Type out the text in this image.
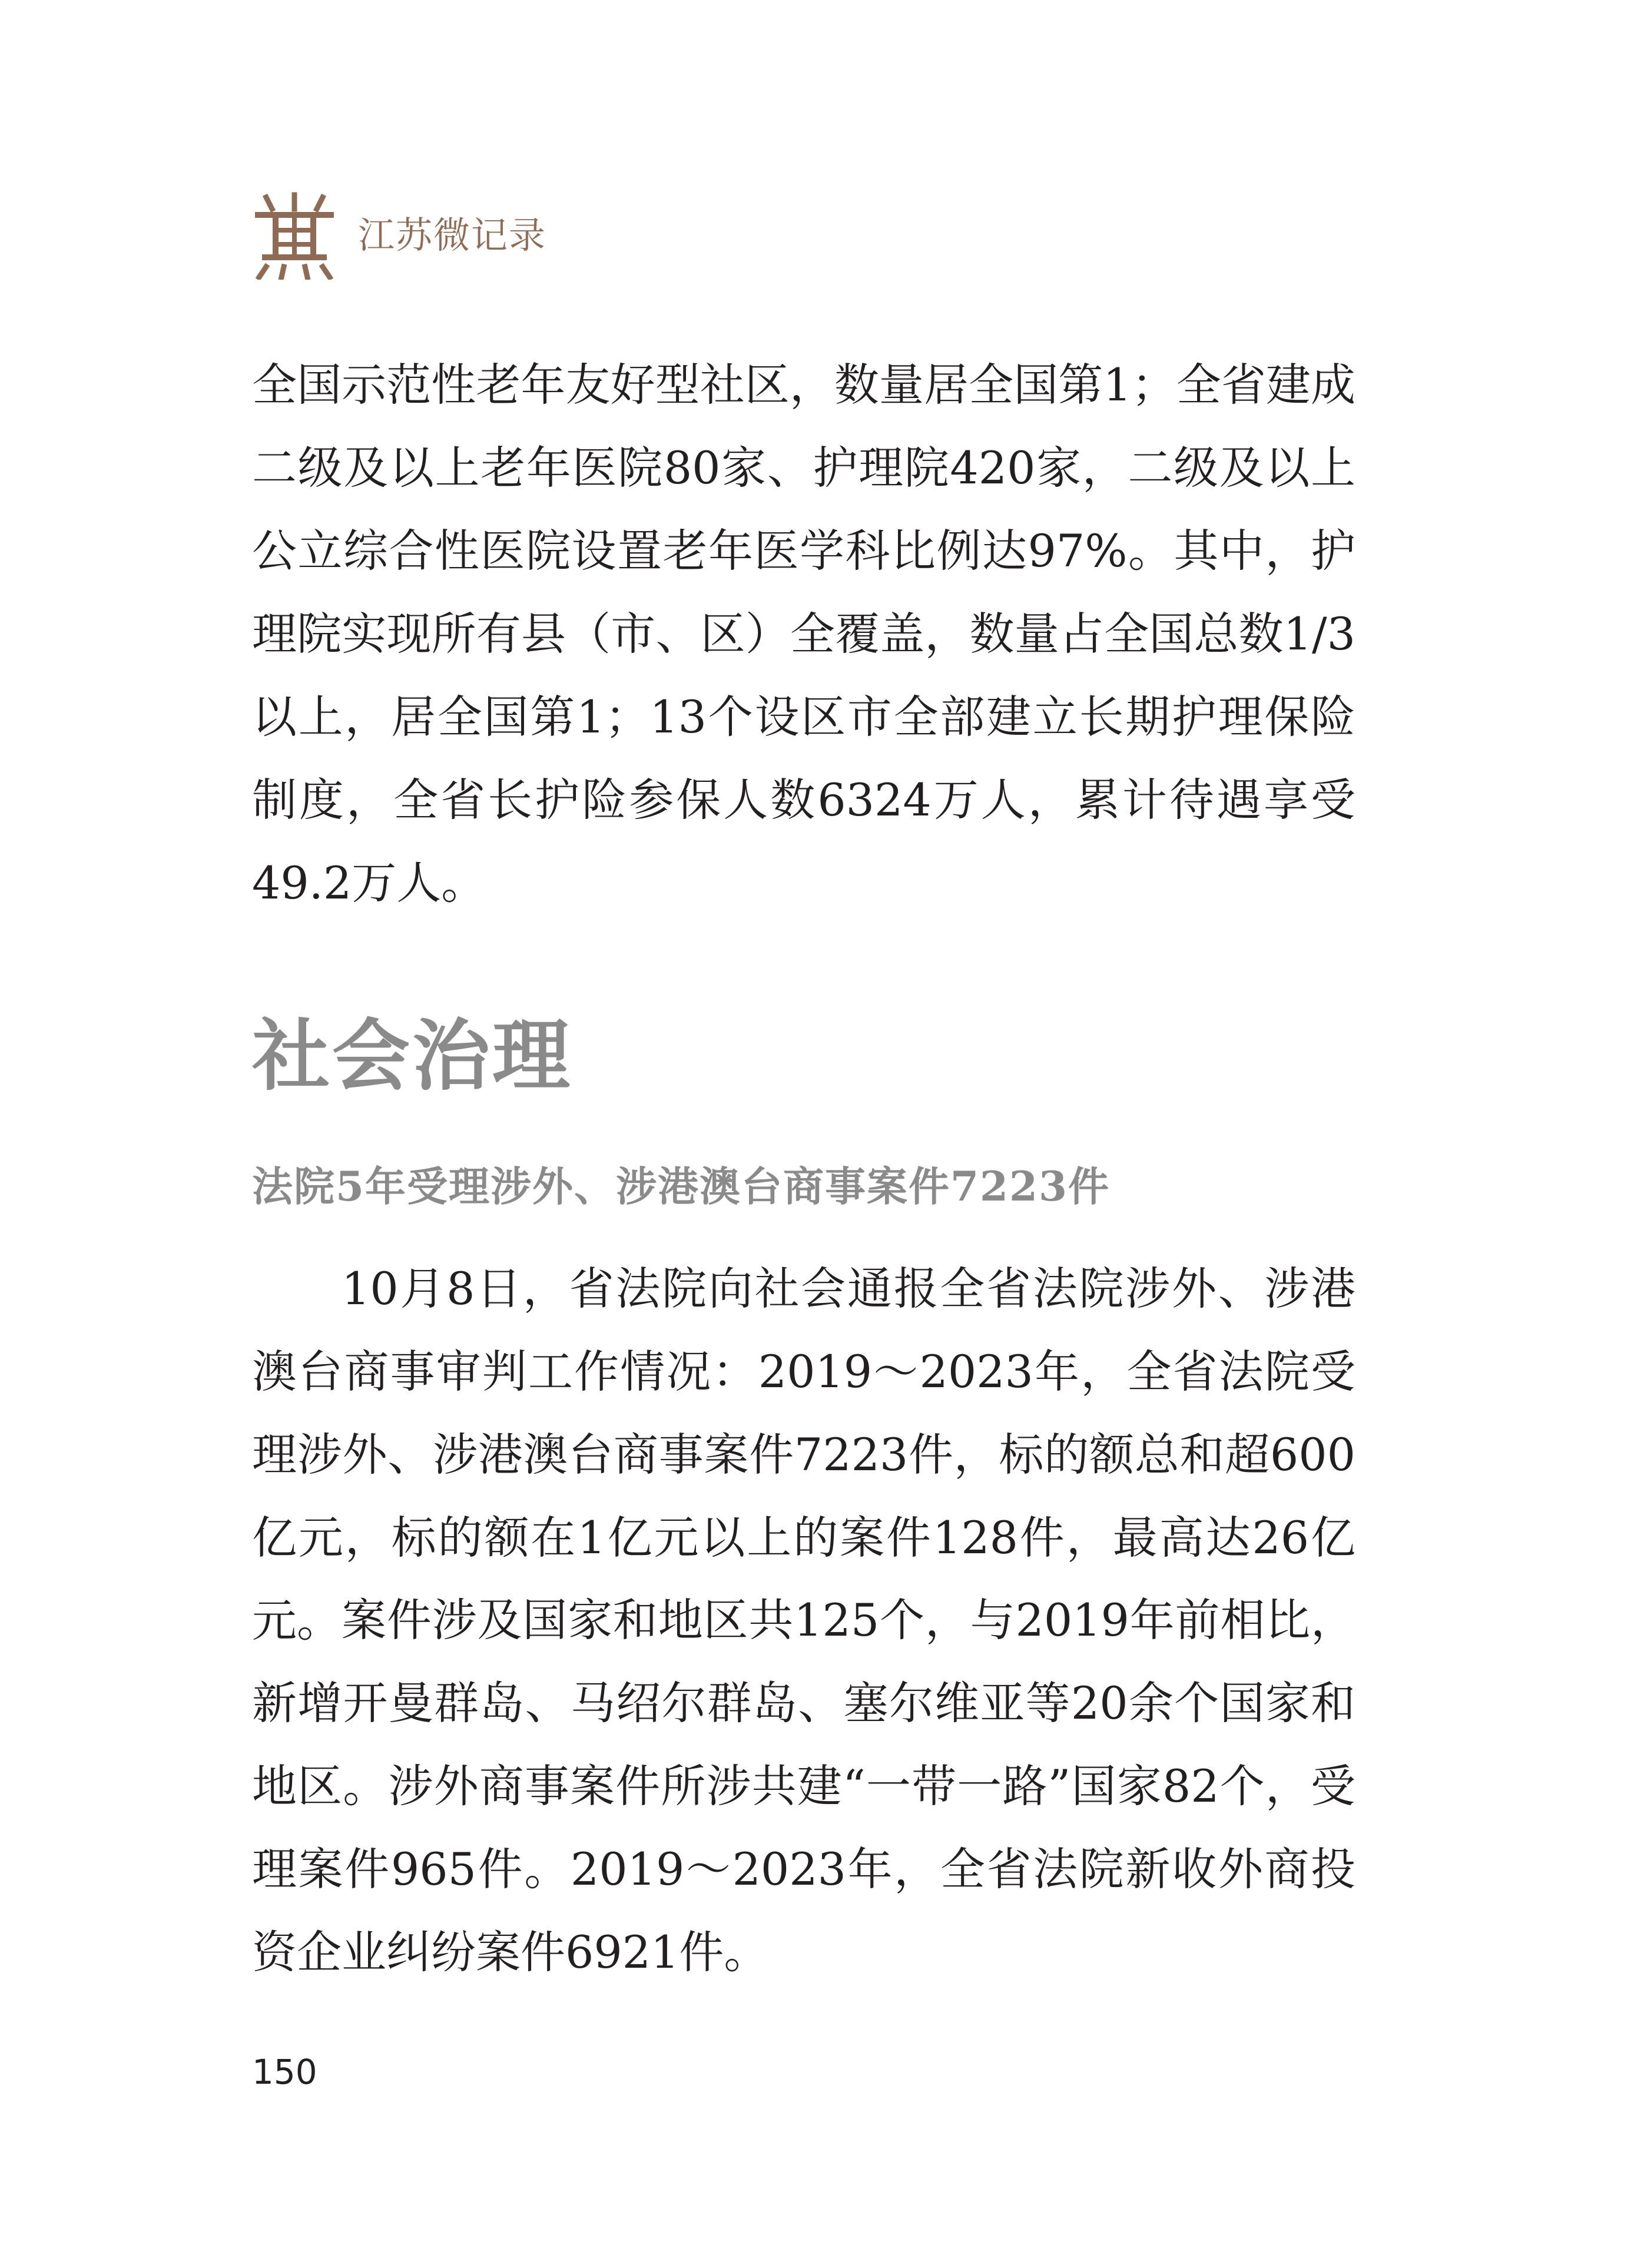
江苏微记录

全国示范性老年友好型社区，数量居全国第1；全省建成二级及以上老年医院80家、护理院420家，二级及以上公立综合性医院设置老年医学科比例达97%。其中，护理院实现所有县（市、区）全覆盖，数量占全国总数1/3以上，居全国第1；13个设区市全部建立长期护理保险制度，全省长护险参保人数6324万人，累计待遇享受49.2万人。

社会治理
法院5年受理涉外、涉港澳台商事案件7223件

10月8日，省法院向社会通报全省法院涉外、涉港澳台商事审判工作情况：2019～2023年，全省法院受理涉外、涉港澳台商事案件7223件，标的额总和超600亿元，标的额在1亿元以上的案件128件，最高达26亿元。 案件涉及国家和地区共125个，与2019年前相比，新增开曼群岛、马绍尔群岛、塞尔维亚等20余个国家和地区。涉外商事案件所涉共建“一带一路”国家82个，受理案件965件。2019～2023年，全省法院新收外商投资企业纠纷案件6921件。

150
